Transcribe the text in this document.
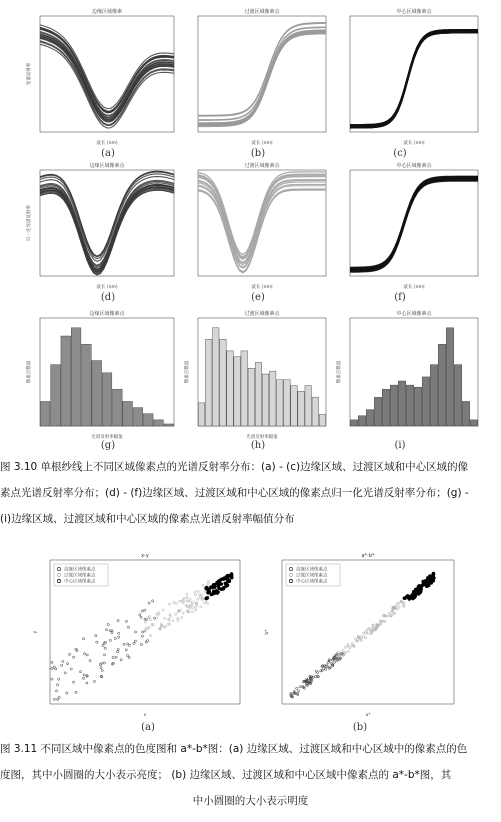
边缘区域像素
波长 (nm)
光谱反射率
过渡区域像素点
波长 (nm)
中心区域像素点
波长 (nm)
(a)	(b)	(c)
边缘区域像素点
波长 (nm)
归一化光谱反射率
过渡区域像素点
波长 (nm)
中心区域像素点
波长 (nm)
(d)	(e)	(f)
边缘区域像素点
光谱反射率幅值
像素点数量
过渡区域像素点
光谱反射率幅值
像素点数量
中心区域像素点
像素点数量
(g)	(h)	(i)
图 3.10 单根纱线上不同区域像素点的光谱反射率分布：(a) - (c)边缘区域、过渡区域和中心区域的像
素点光谱反射率分布；(d) - (f)边缘区域、过渡区域和中心区域的像素点归一化光谱反射率分布；(g) -
(i)边缘区域、过渡区域和中心区域的像素点光谱反射率幅值分布
x-y
x
y
边缘区域像素点
过渡区域像素点
中心区域像素点
a*-b*
a*
b*
边缘区域像素点
过渡区域像素点
中心区域像素点
(a)	(b)
图 3.11 不同区域中像素点的色度图和 a*-b*图：(a) 边缘区域、过渡区域和中心区域中的像素点的色
度图，其中小圆圈的大小表示亮度； (b) 边缘区域、过渡区域和中心区域中像素点的 a*-b*图，其
中小圆圈的大小表示明度
